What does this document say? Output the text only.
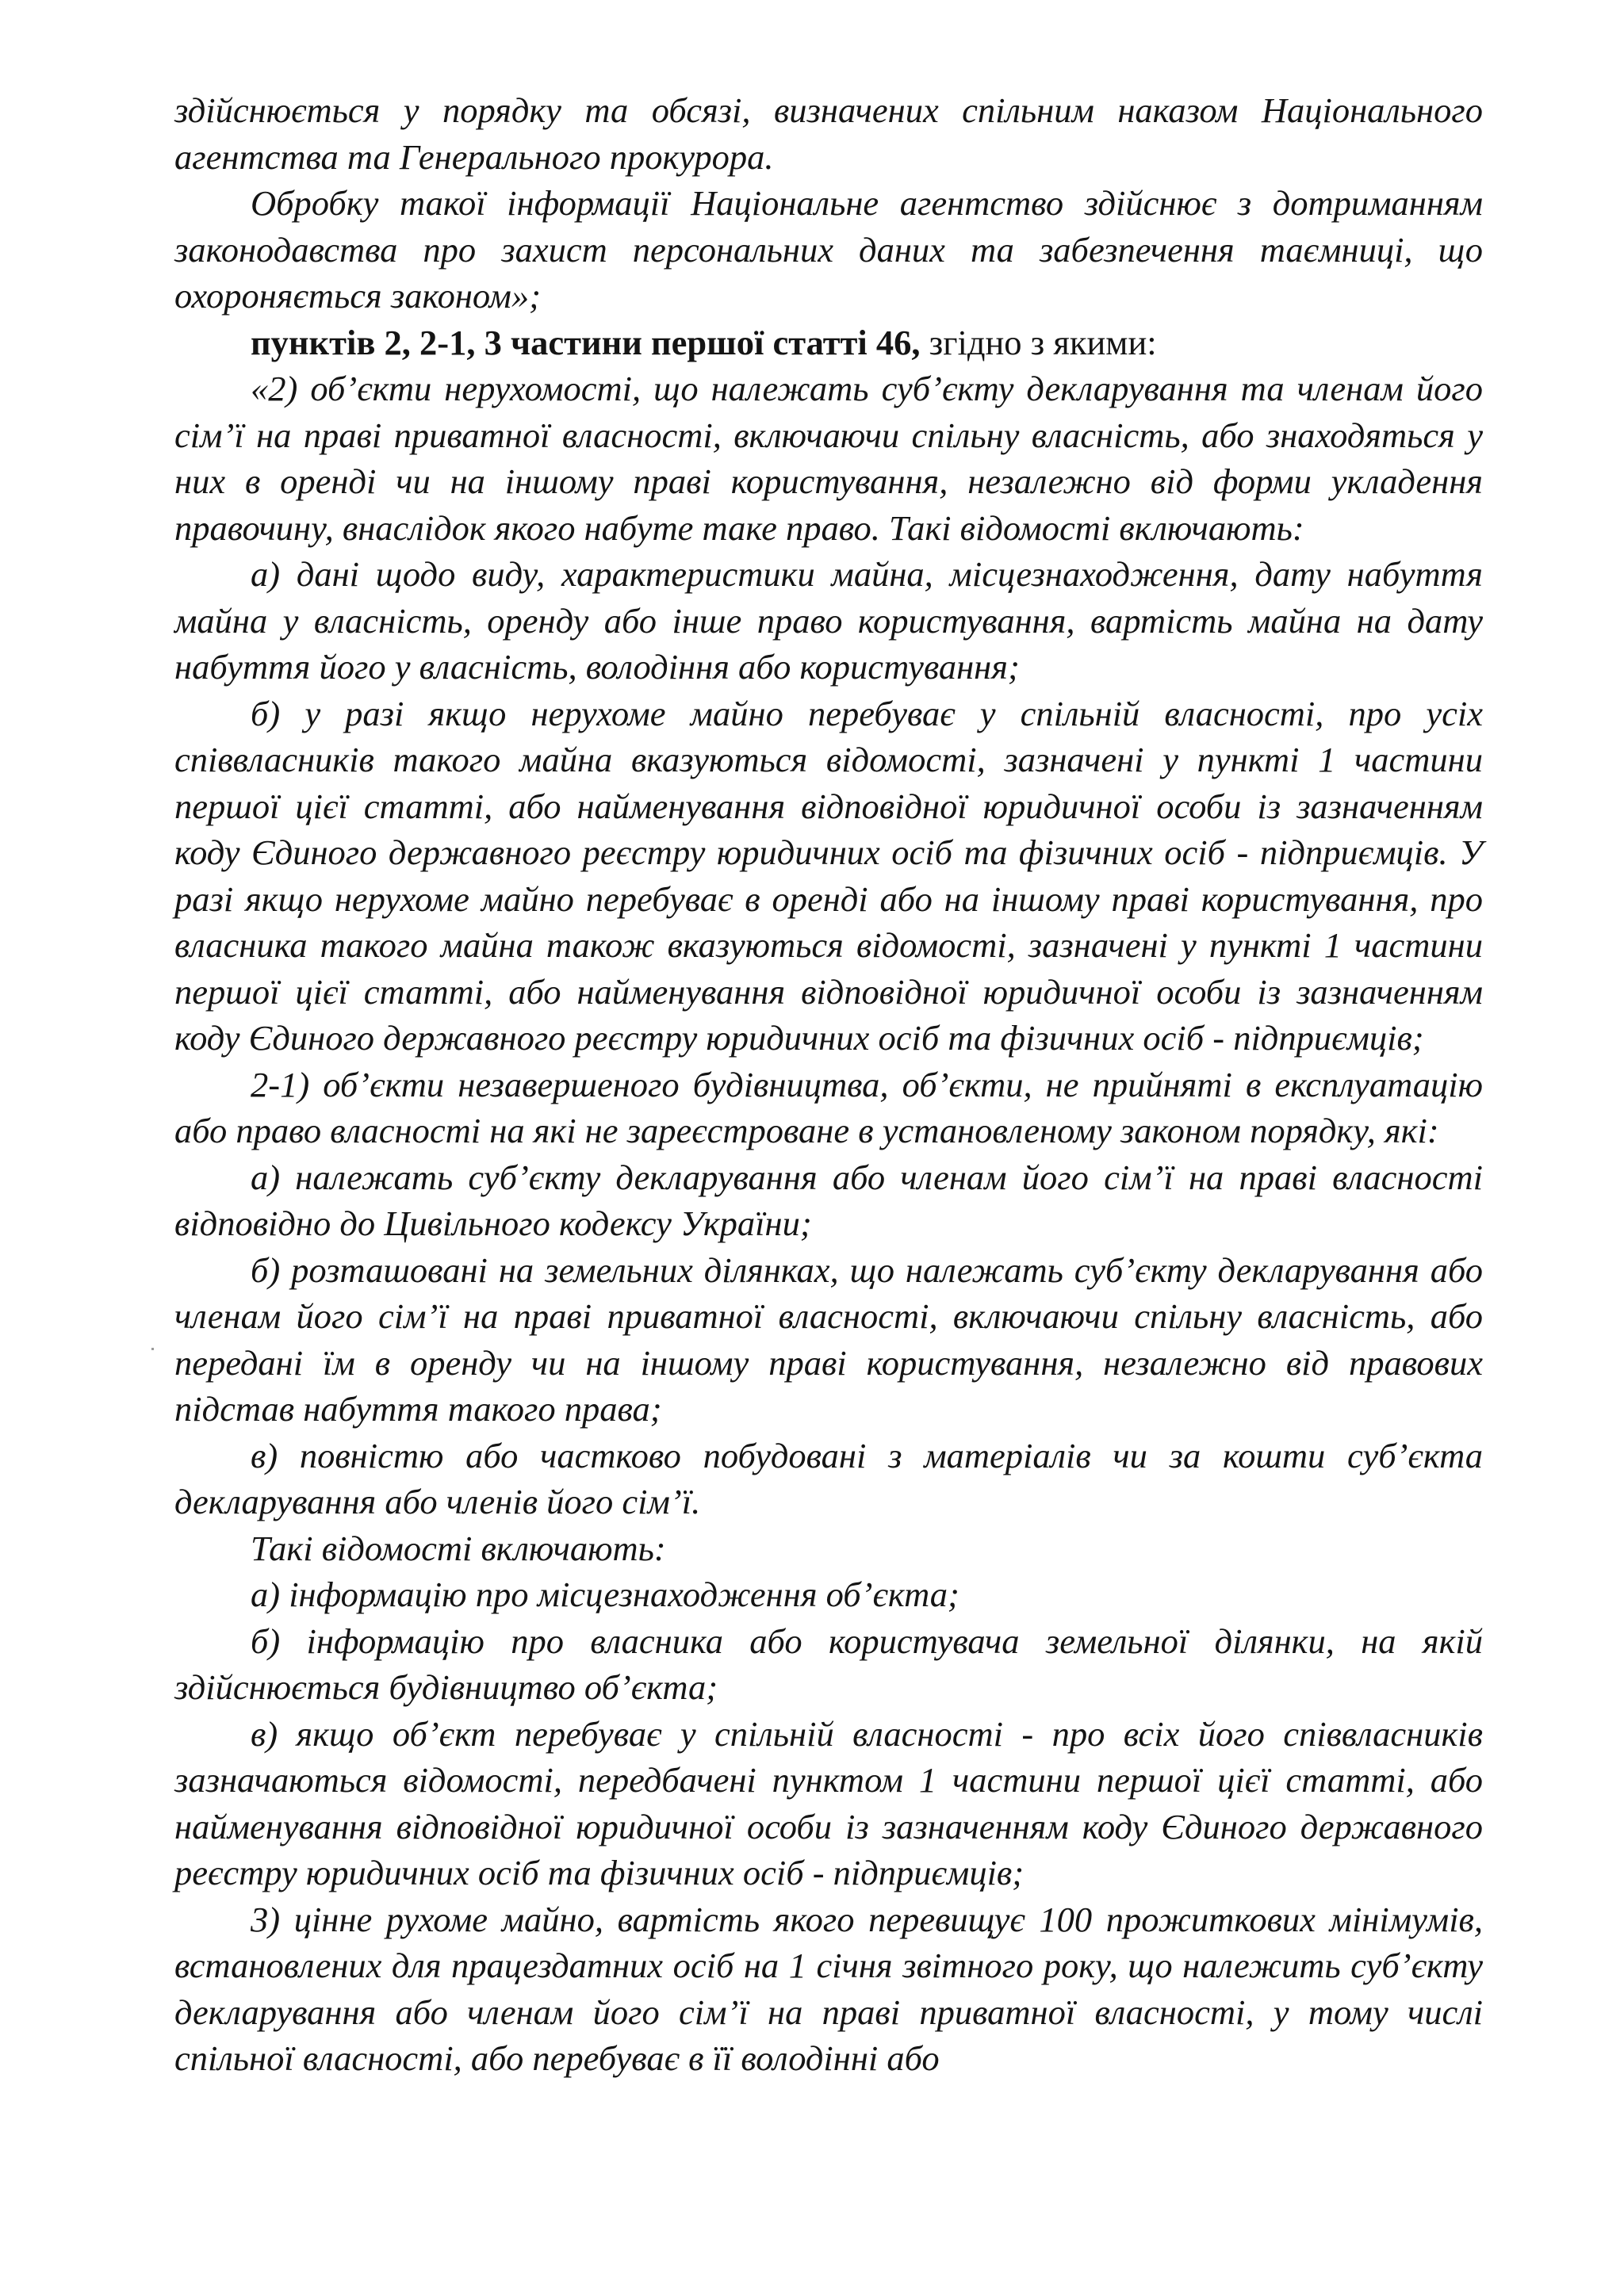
здійснюється у порядку та обсязі, визначених спільним наказом Національного агентства та Генерального прокурора.

Обробку такої інформації Національне агентство здійснює з дотриманням законодавства про захист персональних даних та забезпечення таємниці, що охороняється законом»;

пунктів 2, 2-1, 3 частини першої статті 46, згідно з якими:

«2) об’єкти нерухомості, що належать суб’єкту декларування та членам його сім’ї на праві приватної власності, включаючи спільну власність, або знаходяться у них в оренді чи на іншому праві користування, незалежно від форми укладення правочину, внаслідок якого набуте таке право. Такі відомості включають:

а) дані щодо виду, характеристики майна, місцезнаходження, дату набуття майна у власність, оренду або інше право користування, вартість майна на дату набуття його у власність, володіння або користування;

б) у разі якщо нерухоме майно перебуває у спільній власності, про усіх співвласників такого майна вказуються відомості, зазначені у пункті 1 частини першої цієї статті, або найменування відповідної юридичної особи із зазначенням коду Єдиного державного реєстру юридичних осіб та фізичних осіб - підприємців. У разі якщо нерухоме майно перебуває в оренді або на іншому праві користування, про власника такого майна також вказуються відомості, зазначені у пункті 1 частини першої цієї статті, або найменування відповідної юридичної особи із зазначенням коду Єдиного державного реєстру юридичних осіб та фізичних осіб - підприємців;

2-1) об’єкти незавершеного будівництва, об’єкти, не прийняті в експлуатацію або право власності на які не зареєстроване в установленому законом порядку, які:

а) належать суб’єкту декларування або членам його сім’ї на праві власності відповідно до Цивільного кодексу України;

б) розташовані на земельних ділянках, що належать суб’єкту декларування або членам його сім’ї на праві приватної власності, включаючи спільну власність, або передані їм в оренду чи на іншому праві користування, незалежно від правових підстав набуття такого права;

в) повністю або частково побудовані з матеріалів чи за кошти суб’єкта декларування або членів його сім’ї.

Такі відомості включають:

а) інформацію про місцезнаходження об’єкта;

б) інформацію про власника або користувача земельної ділянки, на якій здійснюється будівництво об’єкта;

в) якщо об’єкт перебуває у спільній власності - про всіх його співвласників зазначаються відомості, передбачені пунктом 1 частини першої цієї статті, або найменування відповідної юридичної особи із зазначенням коду Єдиного державного реєстру юридичних осіб та фізичних осіб - підприємців;

3) цінне рухоме майно, вартість якого перевищує 100 прожиткових мінімумів, встановлених для працездатних осіб на 1 січня звітного року, що належить суб’єкту декларування або членам його сім’ї на праві приватної власності, у тому числі спільної власності, або перебуває в її володінні або
